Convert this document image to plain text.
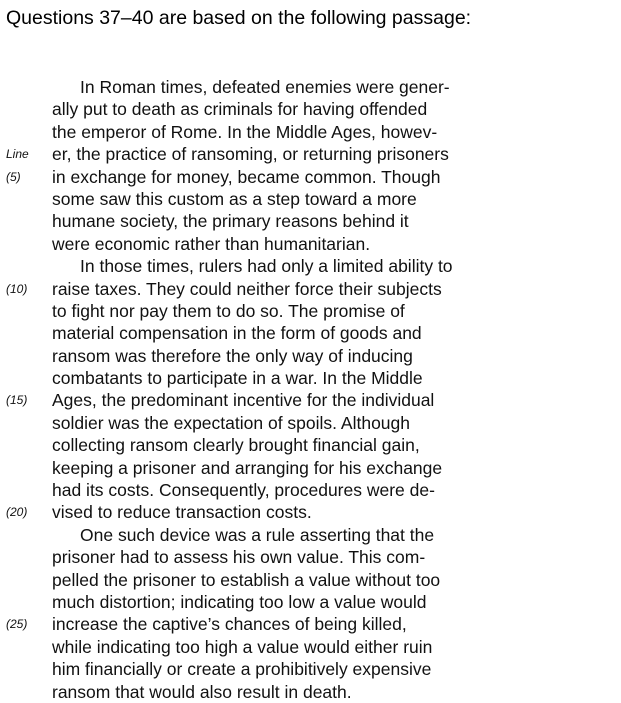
Questions 37–40 are based on the following passage:
In Roman times, defeated enemies were gener-
ally put to death as criminals for having offended
the emperor of Rome. In the Middle Ages, howev-
Line	er, the practice of ransoming, or returning prisoners
(5)	in exchange for money, became common. Though
some saw this custom as a step toward a more
humane society, the primary reasons behind it
were economic rather than humanitarian.
In those times, rulers had only a limited ability to
(10)	raise taxes. They could neither force their subjects
to fight nor pay them to do so. The promise of
material compensation in the form of goods and
ransom was therefore the only way of inducing
combatants to participate in a war. In the Middle
(15)	Ages, the predominant incentive for the individual
soldier was the expectation of spoils. Although
collecting ransom clearly brought financial gain,
keeping a prisoner and arranging for his exchange
had its costs. Consequently, procedures were de-
(20)	vised to reduce transaction costs.
One such device was a rule asserting that the
prisoner had to assess his own value. This com-
pelled the prisoner to establish a value without too
much distortion; indicating too low a value would
(25)	increase the captive’s chances of being killed,
while indicating too high a value would either ruin
him financially or create a prohibitively expensive
ransom that would also result in death.
